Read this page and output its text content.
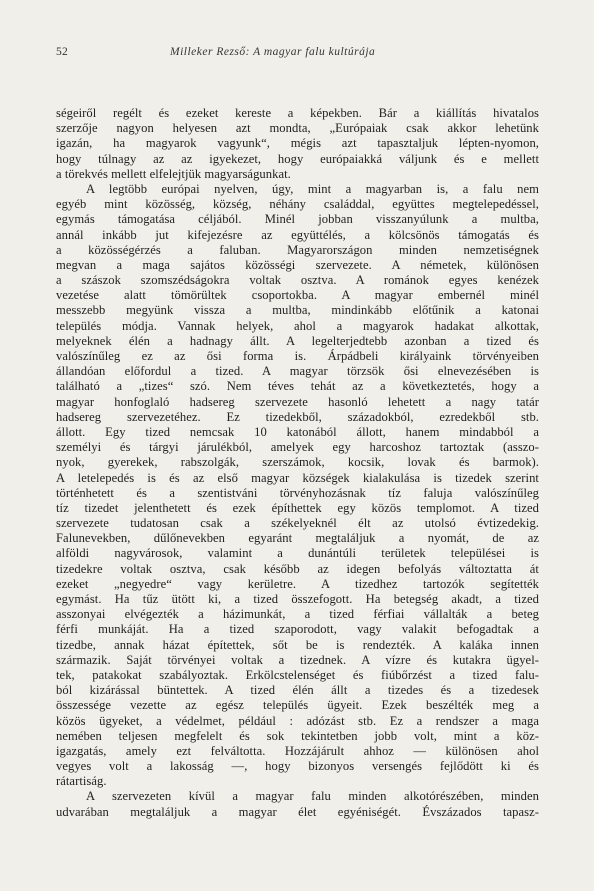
52	Milleker Rezső: A magyar falu kultúrája
ségeiről regélt és ezeket kereste a képekben. Bár a kiállítás hivatalos
szerzője nagyon helyesen azt mondta, „Európaiak csak akkor lehetünk
igazán, ha magyarok vagyunk“, mégis azt tapasztaljuk lépten-nyomon,
hogy túlnagy az az igyekezet, hogy európaiakká váljunk és e mellett
a törekvés mellett elfelejtjük magyarságunkat.
A legtöbb európai nyelven, úgy, mint a magyarban is, a falu nem
egyéb mint közösség, község, néhány családdal, együttes megtelepedéssel,
egymás támogatása céljából. Minél jobban visszanyúlunk a multba,
annál inkább jut kifejezésre az együttélés, a kölcsönös támogatás és
a közösségérzés a faluban. Magyarországon minden nemzetiségnek
megvan a maga sajátos közösségi szervezete. A németek, különösen
a szászok szomszédságokra voltak osztva. A románok egyes kenézek
vezetése alatt tömörültek csoportokba. A magyar embernél minél
messzebb megyünk vissza a multba, mindinkább előtűnik a katonai
település módja. Vannak helyek, ahol a magyarok hadakat alkottak,
melyeknek élén a hadnagy állt. A legelterjedtebb azonban a tized és
valószínűleg ez az ősi forma is. Árpádbeli királyaink törvényeiben
állandóan előfordul a tized. A magyar törzsök ősi elnevezésében is
található a „tizes“ szó. Nem téves tehát az a következtetés, hogy a
magyar honfoglaló hadsereg szervezete hasonló lehetett a nagy tatár
hadsereg szervezetéhez. Ez tizedekből, századokból, ezredekből stb.
állott. Egy tized nemcsak 10 katonából állott, hanem mindabból a
személyi és tárgyi járulékból, amelyek egy harcoshoz tartoztak (asszo-
nyok, gyerekek, rabszolgák, szerszámok, kocsik, lovak és barmok).
A letelepedés is és az első magyar községek kialakulása is tizedek szerint
történhetett és a szentistváni törvényhozásnak tíz faluja valószínűleg
tíz tizedet jelenthetett és ezek építhettek egy közös templomot. A tized
szervezete tudatosan csak a székelyeknél élt az utolsó évtizedekig.
Falunevekben, dűlőnevekben egyaránt megtaláljuk a nyomát, de az
alföldi nagyvárosok, valamint a dunántúli területek települései is
tizedekre voltak osztva, csak később az idegen befolyás változtatta át
ezeket „negyedre“ vagy kerületre. A tizedhez tartozók segítették
egymást. Ha tűz ütött ki, a tized összefogott. Ha betegség akadt, a tized
asszonyai elvégezték a házimunkát, a tized férfiai vállalták a beteg
férfi munkáját. Ha a tized szaporodott, vagy valakit befogadtak a
tizedbe, annak házat építettek, sőt be is rendezték. A kaláka innen
származik. Saját törvényei voltak a tizednek. A vízre és kutakra ügyel-
tek, patakokat szabályoztak. Erkölcstelenséget és fiúbőrzést a tized falu-
ból kizárással büntettek. A tized élén állt a tizedes és a tizedesek
összessége vezette az egész település ügyeit. Ezek beszélték meg a
közös ügyeket, a védelmet, például : adózást stb. Ez a rendszer a maga
nemében teljesen megfelelt és sok tekintetben jobb volt, mint a köz-
igazgatás, amely ezt felváltotta. Hozzájárult ahhoz — különösen ahol
vegyes volt a lakosság —, hogy bizonyos versengés fejlődött ki és
rátartiság.
A szervezeten kívül a magyar falu minden alkotórészében, minden
udvarában megtaláljuk a magyar élet egyéniségét. Évszázados tapasz-
